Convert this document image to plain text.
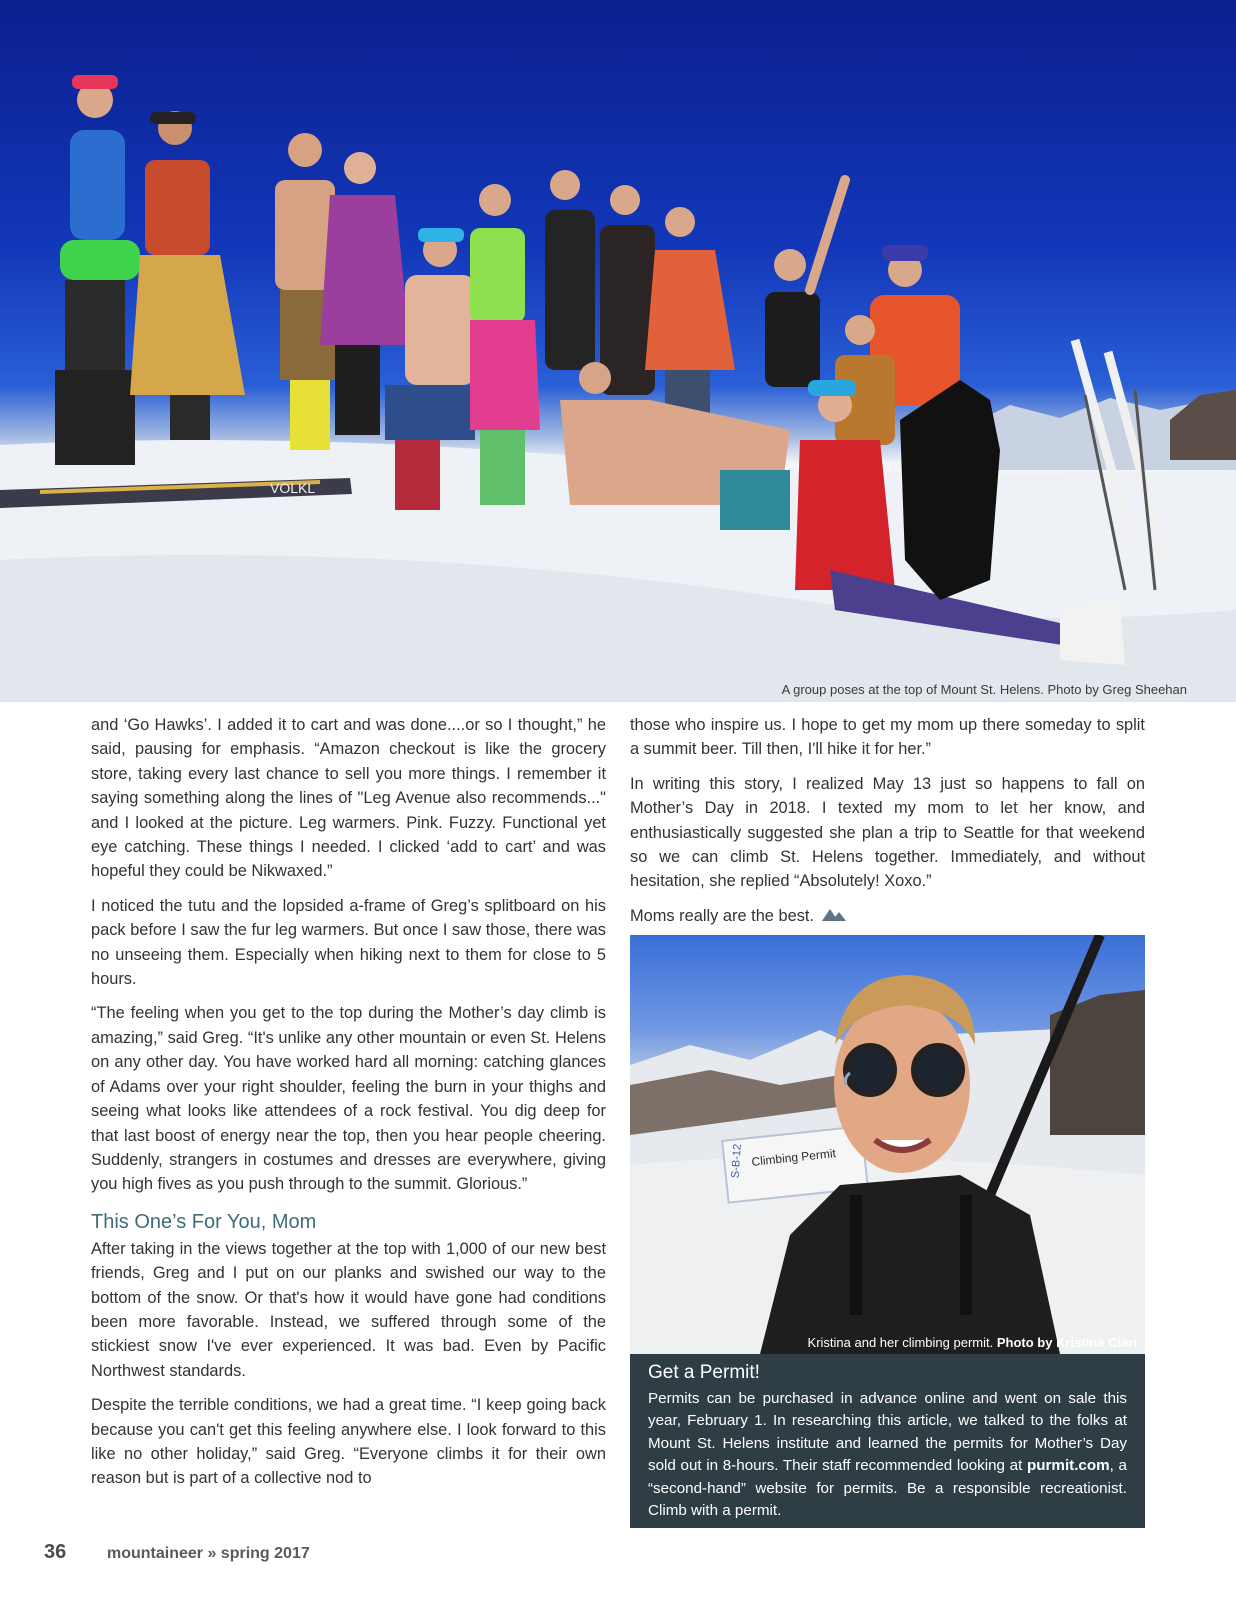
VOLKL
A group poses at the top of Mount St. Helens. Photo by Greg Sheehan

and ‘Go Hawks’. I added it to cart and was done....or so I thought,” he said, pausing for emphasis. “Amazon checkout is like the grocery store, taking every last chance to sell you more things. I remember it saying something along the lines of "Leg Avenue also recommends..." and I looked at the picture. Leg warmers. Pink. Fuzzy. Functional yet eye catching. These things I needed. I clicked ‘add to cart’ and was hopeful they could be Nikwaxed.”

I noticed the tutu and the lopsided a-frame of Greg’s splitboard on his pack before I saw the fur leg warmers. But once I saw those, there was no unseeing them. Especially when hiking next to them for close to 5 hours.

“The feeling when you get to the top during the Mother’s day climb is amazing,” said Greg. “It's unlike any other mountain or even St. Helens on any other day. You have worked hard all morning: catching glances of Adams over your right shoulder, feeling the burn in your thighs and seeing what looks like attendees of a rock festival. You dig deep for that last boost of energy near the top, then you hear people cheering. Suddenly, strangers in costumes and dresses are everywhere, giving you high fives as you push through to the summit. Glorious.”

This One’s For You, Mom

After taking in the views together at the top with 1,000 of our new best friends, Greg and I put on our planks and swished our way to the bottom of the snow. Or that's how it would have gone had conditions been more favorable. Instead, we suffered through some of the stickiest snow I've ever experienced. It was bad. Even by Pacific Northwest standards.

Despite the terrible conditions, we had a great time. “I keep going back because you can't get this feeling anywhere else. I look forward to this like no other holiday,” said Greg. “Everyone climbs it for their own reason but is part of a collective nod to

those who inspire us. I hope to get my mom up there someday to split a summit beer. Till then, I'll hike it for her.”

In writing this story, I realized May 13 just so happens to fall on Mother’s Day in 2018. I texted my mom to let her know, and enthusiastically suggested she plan a trip to Seattle for that weekend so we can climb St. Helens together. Immediately, and without hesitation, she replied “Absolutely! Xoxo.”

Moms really are the best.

S-B-12 Climbing Permit
Kristina and her climbing permit. Photo by Kristina Ciari
Get a Permit!

Permits can be purchased in advance online and went on sale this year, February 1. In researching this article, we talked to the folks at Mount St. Helens institute and learned the permits for Mother’s Day sold out in 8-hours. Their staff recommended looking at purmit.com, a “second-hand” website for permits. Be a responsible recreationist. Climb with a permit.

36	mountaineer » spring 2017
